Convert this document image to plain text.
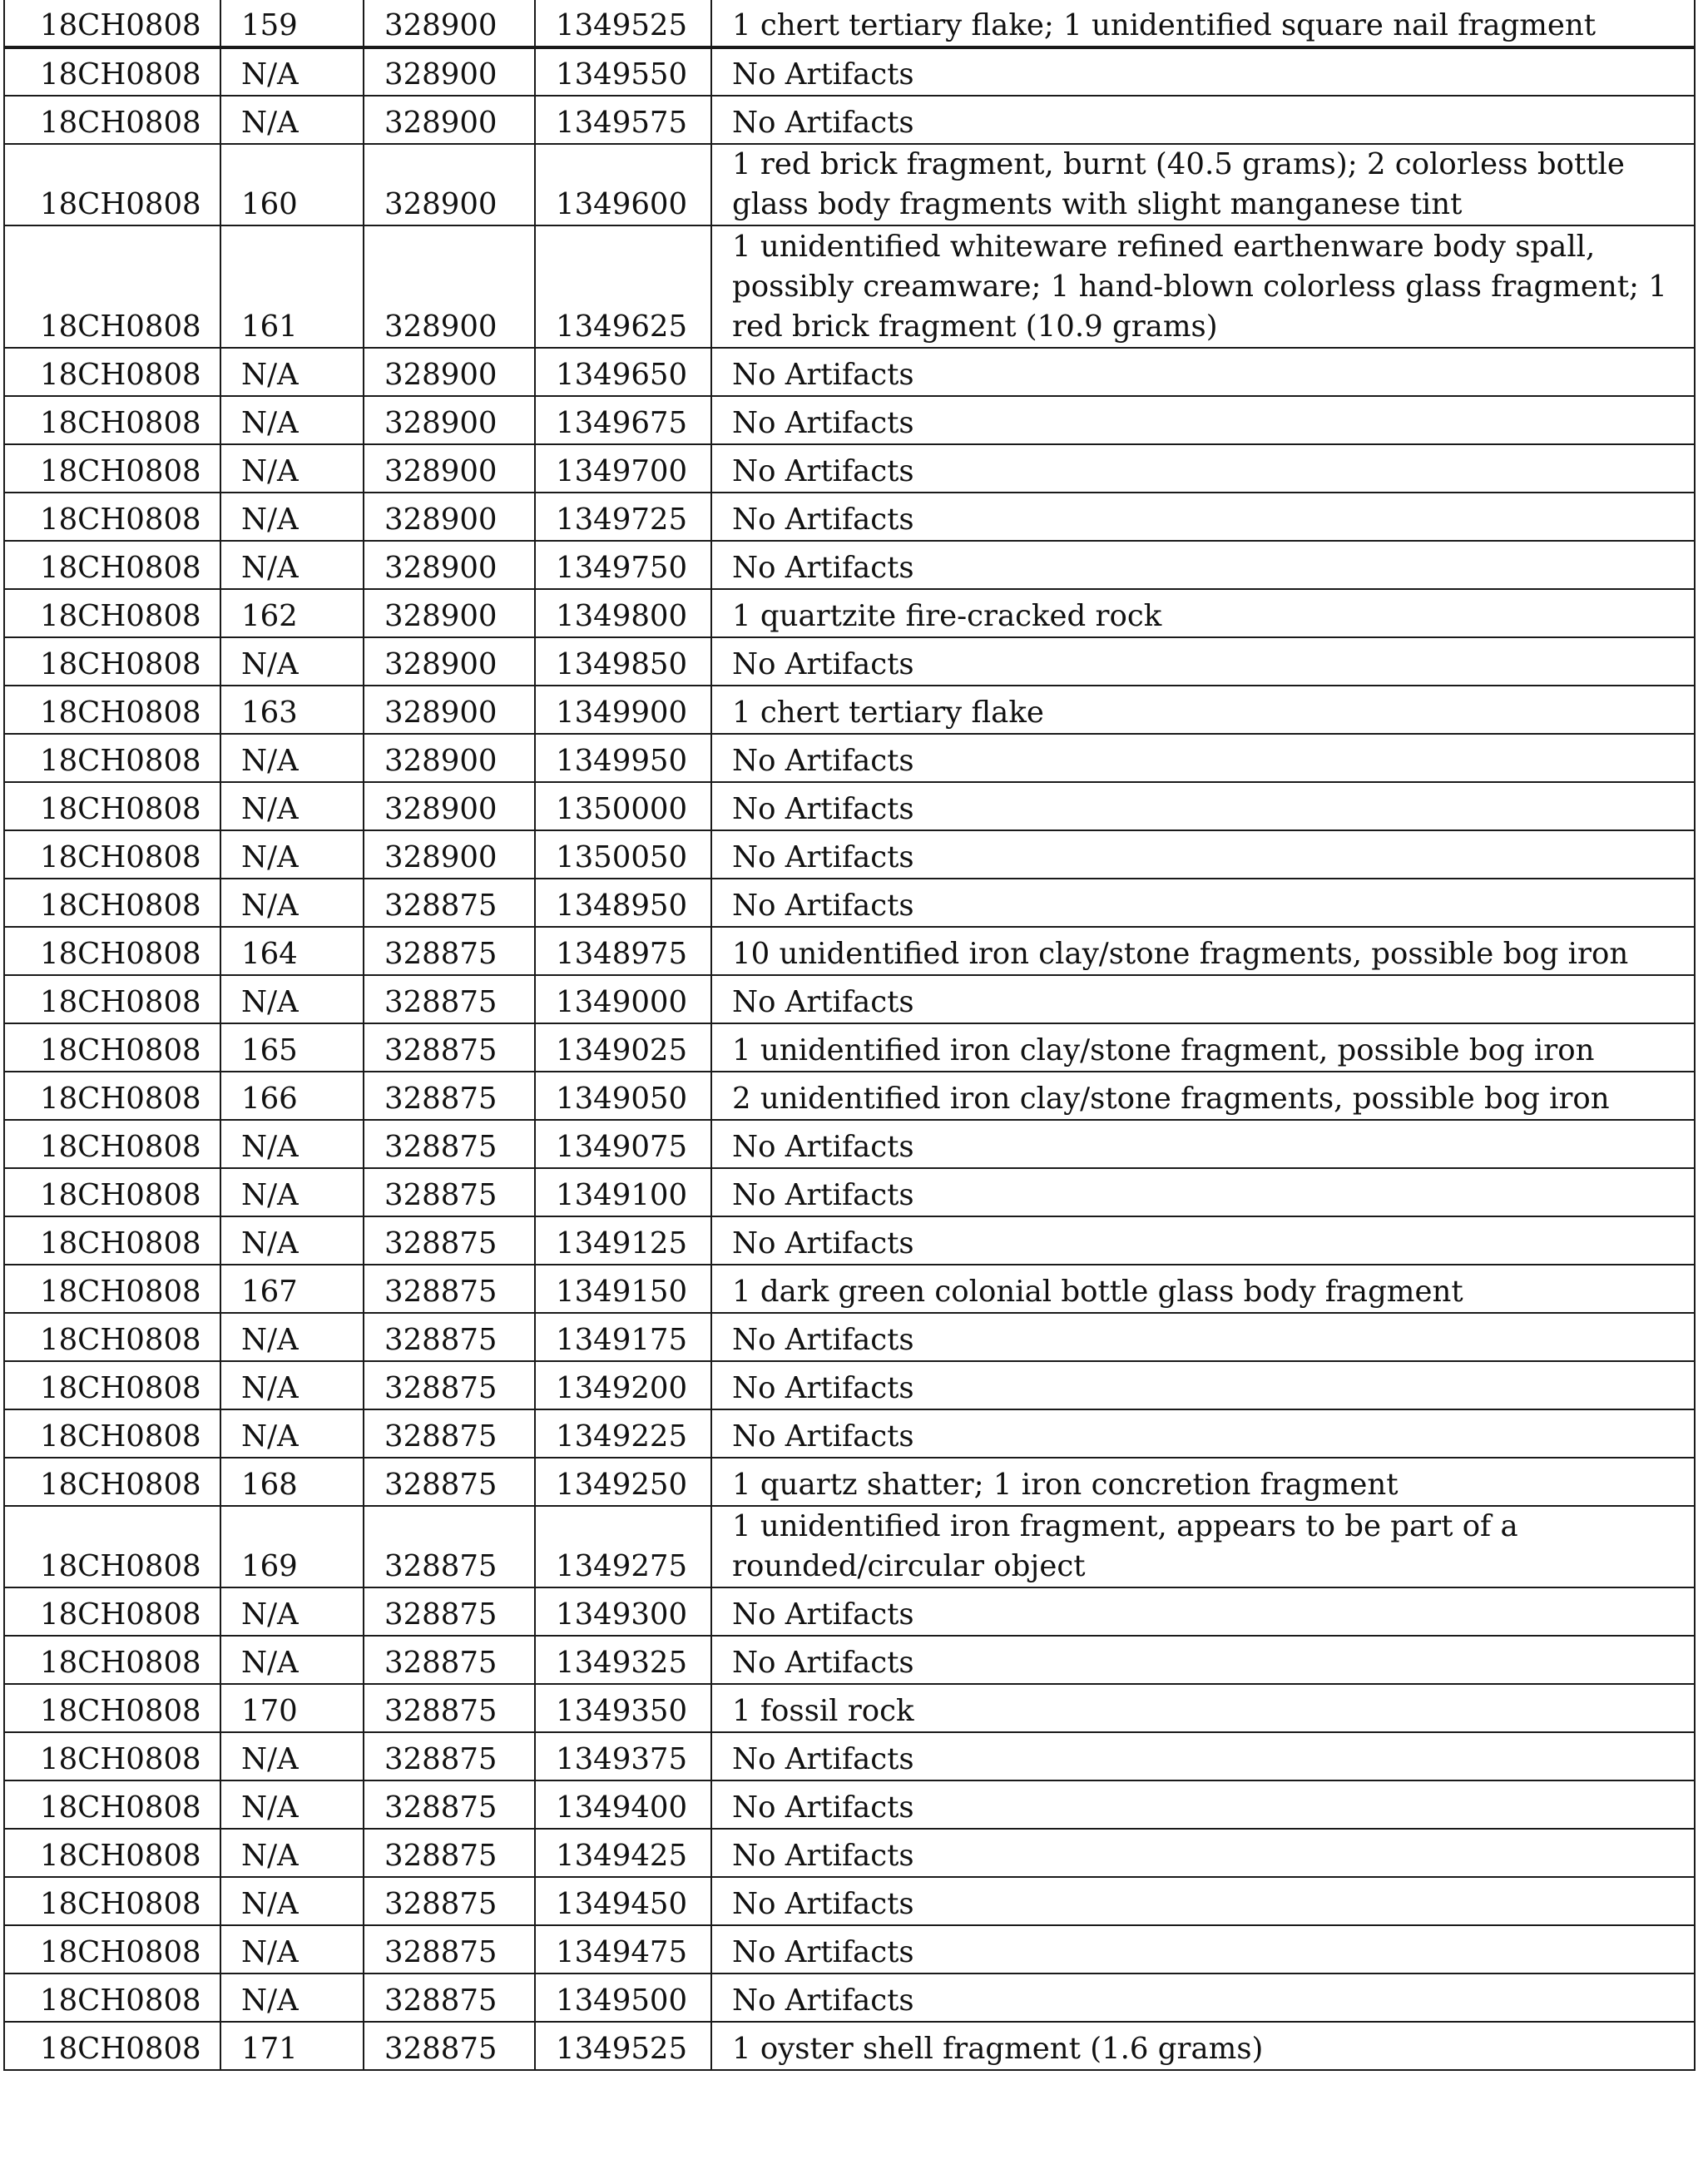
18CH0808	159	328900	1349525	1 chert tertiary flake; 1 unidentified square nail fragment
18CH0808	N/A	328900	1349550	No Artifacts
18CH0808	N/A	328900	1349575	No Artifacts
18CH0808	160	328900	1349600	1 red brick fragment, burnt (40.5 grams); 2 colorless bottle glass body fragments with slight manganese tint
18CH0808	161	328900	1349625	1 unidentified whiteware refined earthenware body spall, possibly creamware; 1 hand-blown colorless glass fragment; 1 red brick fragment (10.9 grams)
18CH0808	N/A	328900	1349650	No Artifacts
18CH0808	N/A	328900	1349675	No Artifacts
18CH0808	N/A	328900	1349700	No Artifacts
18CH0808	N/A	328900	1349725	No Artifacts
18CH0808	N/A	328900	1349750	No Artifacts
18CH0808	162	328900	1349800	1 quartzite fire-cracked rock
18CH0808	N/A	328900	1349850	No Artifacts
18CH0808	163	328900	1349900	1 chert tertiary flake
18CH0808	N/A	328900	1349950	No Artifacts
18CH0808	N/A	328900	1350000	No Artifacts
18CH0808	N/A	328900	1350050	No Artifacts
18CH0808	N/A	328875	1348950	No Artifacts
18CH0808	164	328875	1348975	10 unidentified iron clay/stone fragments, possible bog iron
18CH0808	N/A	328875	1349000	No Artifacts
18CH0808	165	328875	1349025	1 unidentified iron clay/stone fragment, possible bog iron
18CH0808	166	328875	1349050	2 unidentified iron clay/stone fragments, possible bog iron
18CH0808	N/A	328875	1349075	No Artifacts
18CH0808	N/A	328875	1349100	No Artifacts
18CH0808	N/A	328875	1349125	No Artifacts
18CH0808	167	328875	1349150	1 dark green colonial bottle glass body fragment
18CH0808	N/A	328875	1349175	No Artifacts
18CH0808	N/A	328875	1349200	No Artifacts
18CH0808	N/A	328875	1349225	No Artifacts
18CH0808	168	328875	1349250	1 quartz shatter; 1 iron concretion fragment
18CH0808	169	328875	1349275	1 unidentified iron fragment, appears to be part of a rounded/circular object
18CH0808	N/A	328875	1349300	No Artifacts
18CH0808	N/A	328875	1349325	No Artifacts
18CH0808	170	328875	1349350	1 fossil rock
18CH0808	N/A	328875	1349375	No Artifacts
18CH0808	N/A	328875	1349400	No Artifacts
18CH0808	N/A	328875	1349425	No Artifacts
18CH0808	N/A	328875	1349450	No Artifacts
18CH0808	N/A	328875	1349475	No Artifacts
18CH0808	N/A	328875	1349500	No Artifacts
18CH0808	171	328875	1349525	1 oyster shell fragment (1.6 grams)
